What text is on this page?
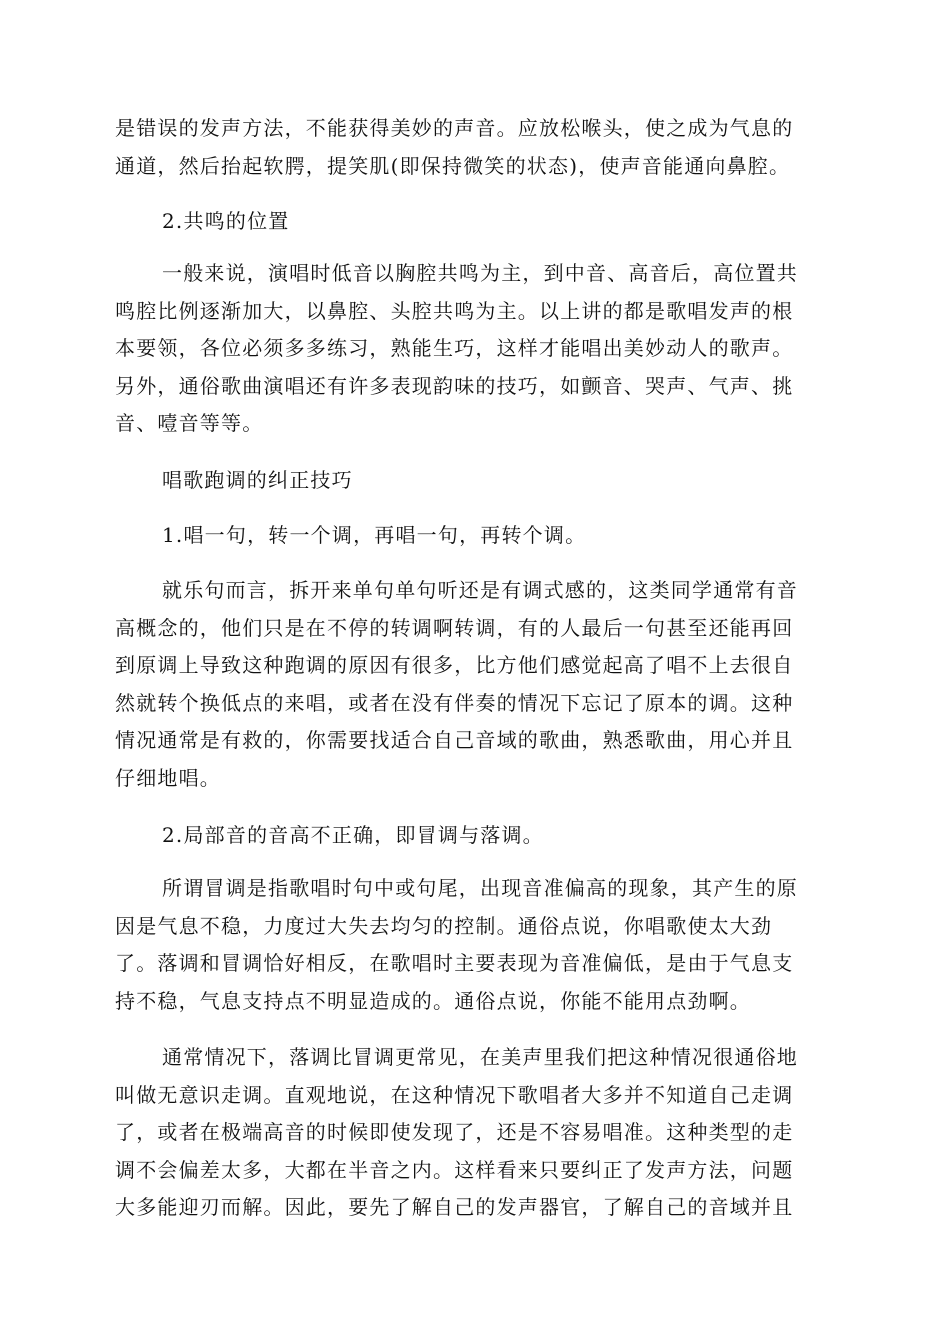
是错误的发声方法，不能获得美妙的声音。应放松喉头，使之成为气息的
通道，然后抬起软腭，提笑肌(即保持微笑的状态)，使声音能通向鼻腔。

2.共鸣的位置

一般来说，演唱时低音以胸腔共鸣为主，到中音、高音后，高位置共
鸣腔比例逐渐加大，以鼻腔、头腔共鸣为主。以上讲的都是歌唱发声的根
本要领，各位必须多多练习，熟能生巧，这样才能唱出美妙动人的歌声。
另外，通俗歌曲演唱还有许多表现韵味的技巧，如颤音、哭声、气声、挑
音、噎音等等。

唱歌跑调的纠正技巧

1.唱一句，转一个调，再唱一句，再转个调。

就乐句而言，拆开来单句单句听还是有调式感的，这类同学通常有音
高概念的，他们只是在不停的转调啊转调，有的人最后一句甚至还能再回
到原调上导致这种跑调的原因有很多，比方他们感觉起高了唱不上去很自
然就转个换低点的来唱，或者在没有伴奏的情况下忘记了原本的调。这种
情况通常是有救的，你需要找适合自己音域的歌曲，熟悉歌曲，用心并且
仔细地唱。

2.局部音的音高不正确，即冒调与落调。

所谓冒调是指歌唱时句中或句尾，出现音准偏高的现象，其产生的原
因是气息不稳，力度过大失去均匀的控制。通俗点说，你唱歌使太大劲
了。落调和冒调恰好相反，在歌唱时主要表现为音准偏低，是由于气息支
持不稳，气息支持点不明显造成的。通俗点说，你能不能用点劲啊。

通常情况下，落调比冒调更常见，在美声里我们把这种情况很通俗地
叫做无意识走调。直观地说，在这种情况下歌唱者大多并不知道自己走调
了，或者在极端高音的时候即使发现了，还是不容易唱准。这种类型的走
调不会偏差太多，大都在半音之内。这样看来只要纠正了发声方法，问题
大多能迎刃而解。因此，要先了解自己的发声器官，了解自己的音域并且
